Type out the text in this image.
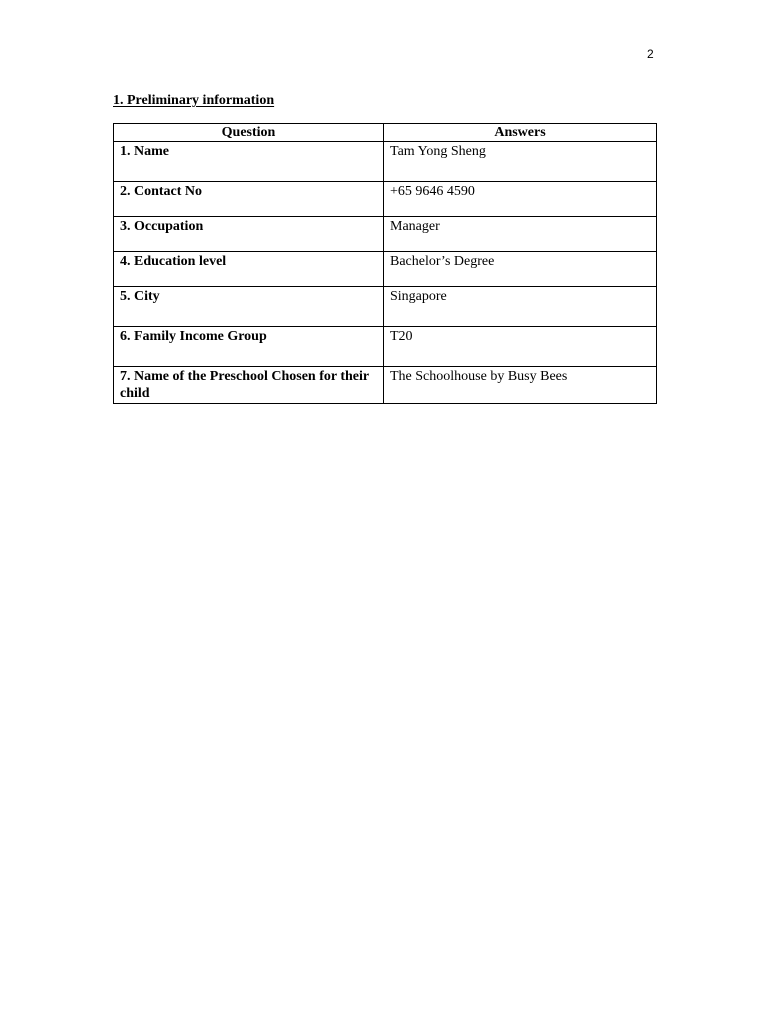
2
1. Preliminary information
Question	Answers
1. Name	Tam Yong Sheng
2. Contact No	+65 9646 4590
3. Occupation	Manager
4. Education level	Bachelor’s Degree
5. City	Singapore
6. Family Income Group	T20
7. Name of the Preschool Chosen for their child	The Schoolhouse by Busy Bees
